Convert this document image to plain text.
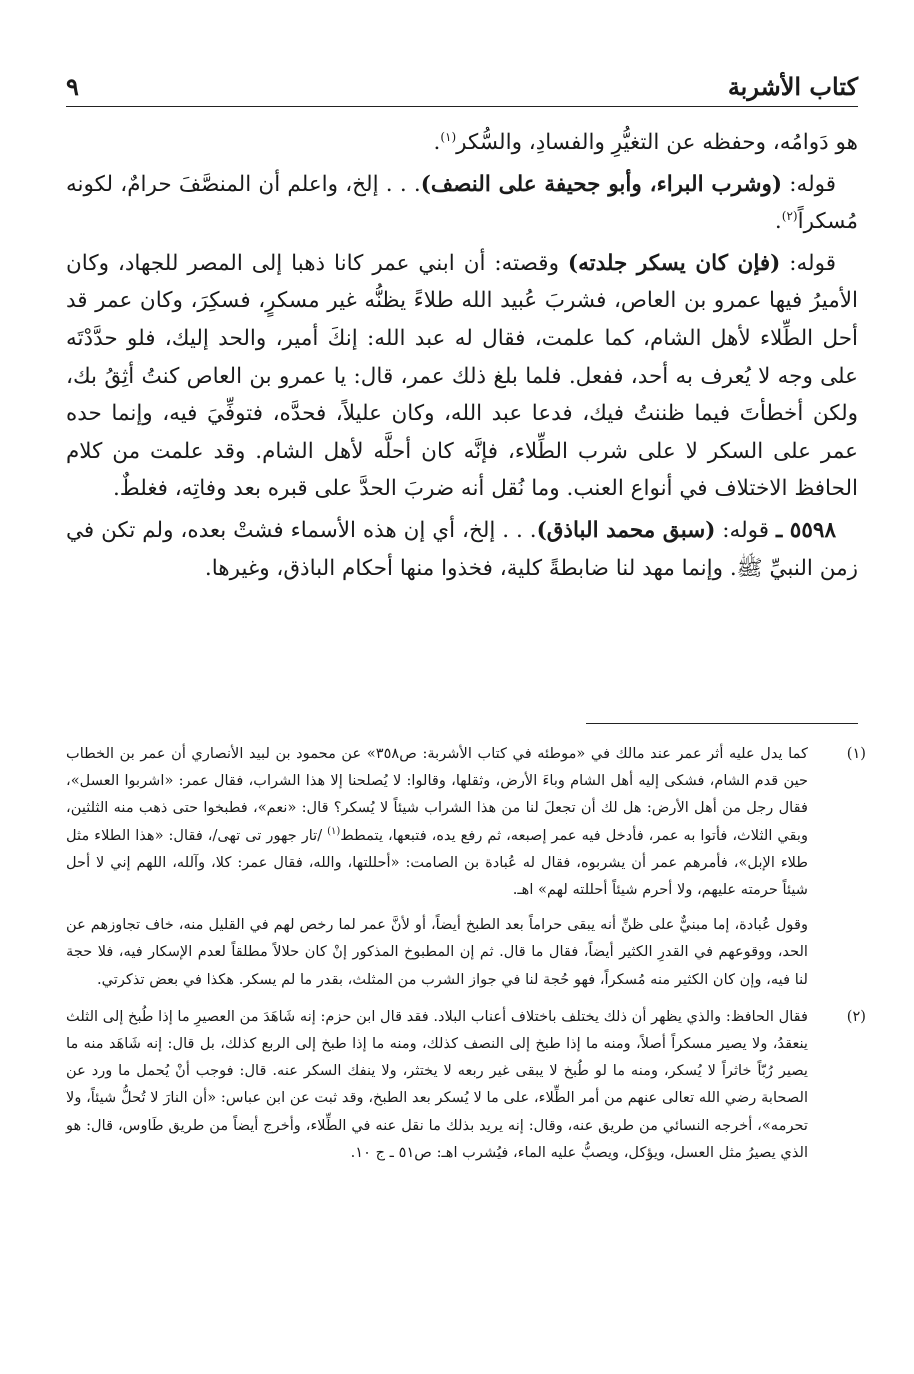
كتاب الأشربة
٩

هو دَوامُه، وحفظه عن التغيُّرِ والفسادِ، والسُّكر$^{(١)}$.

قوله: (وشرب البراء، وأبو جحيفة على النصف). . . إلخ، واعلم أن المنصَّفَ حرامٌ، لكونه مُسكراً$^{(٢)}$.

قوله: (فإن كان يسكر جلدته) وقصته: أن ابني عمر كانا ذهبا إلى المصر للجهاد، وكان الأميرُ فيها عمرو بن العاص، فشربَ عُبيد الله طلاءً يظنُّه غير مسكرٍ، فسكِرَ، وكان عمر قد أحل الطِّلاء لأهل الشام، كما علمت، فقال له عبد الله: إنكَ أمير، والحد إليك، فلو حدَّدْتَه على وجه لا يُعرف به أحد، ففعل. فلما بلغ ذلك عمر، قال: يا عمرو بن العاص كنتُ أثِقُ بك، ولكن أخطأتَ فيما ظننتُ فيك، فدعا عبد الله، وكان عليلاً، فحدَّه، فتوفِّيَ فيه، وإنما حده عمر على السكر لا على شرب الطِّلاء، فإنَّه كان أحلَّه لأهل الشام. وقد علمت من كلام الحافظ الاختلاف في أنواع العنب. وما نُقل أنه ضربَ الحدَّ على قبره بعد وفاتِه، فغلطٌ.

٥٥٩٨ ـ قوله: (سبق محمد الباذق). . . إلخ، أي إن هذه الأسماء فشتْ بعده، ولم تكن في زمن النبيِّ ﷺ. وإنما مهد لنا ضابطةً كلية، فخذوا منها أحكام الباذق، وغيرها.

(١)

كما يدل عليه أثر عمر عند مالك في «موطئه في كتاب الأشربة: ص٣٥٨» عن محمود بن لبيد الأنصاري أن عمر بن الخطاب حين قدم الشام، فشكى إليه أهل الشام وباءَ الأرض، وثقلها، وقالوا: لا يُصلحنا إلا هذا الشراب، فقال عمر: «اشربوا العسل»، فقال رجل من أهل الأرض: هل لك أن تجعلَ لنا من هذا الشراب شيئاً لا يُسكر؟ قال: «نعم»، فطبخوا حتى ذهب منه الثلثين، وبقي الثلاث، فأتوا به عمر، فأدخل فيه عمر إصبعه، ثم رفع يده، فتبعها، يتمطط$^{(١)}$ /تار جهور تى تهى/، فقال: «هذا الطلاء مثل طلاء الإبل»، فأمرهم عمر أن يشربوه، فقال له عُبادة بن الصامت: «أحللتها، والله، فقال عمر: كلا، وآلله، اللهم إني لا أحل شيئاً حرمته عليهم، ولا أحرم شيئاً أحللته لهم» اهـ.

وقول عُبادة، إما مبنيٌّ على ظنِّ أنه يبقى حراماً بعد الطبخ أيضاً، أو لأنَّ عمر لما رخص لهم في القليل منه، خاف تجاوزهم عن الحد، ووقوعهم في القدرِ الكثير أيضاً، فقال ما قال. ثم إن المطبوخ المذكور إنْ كان حلالاً مطلقاً لعدم الإسكار فيه، فلا حجة لنا فيه، وإن كان الكثير منه مُسكراً، فهو حُجة لنا في جواز الشرب من المثلث، بقدر ما لم يسكر. هكذا في بعض تذكرتي.

(٢)

فقال الحافظ: والذي يظهر أن ذلك يختلف باختلاف أعناب البلاد. فقد قال ابن حزم: إنه شَاهَدَ من العصيرِ ما إذا طُبخ إلى الثلث ينعقدُ، ولا يصير مسكراً أصلاً، ومنه ما إذا طبخ إلى النصف كذلك، ومنه ما إذا طبخ إلى الربع كذلك، بل قال: إنه شَاهَد منه ما يصير رُبّاً خاثراً لا يُسكر، ومنه ما لو طُبخ لا يبقى غير ربعه لا يختثر، ولا ينفك السكر عنه. قال: فوجب أنْ يُحمل ما ورد عن الصحابة رضي الله تعالى عنهم من أمر الطِّلاء، على ما لا يُسكر بعد الطبخ، وقد ثبت عن ابن عباس: «أن النارَ لا تُحلُّ شيئاً، ولا تحرمه»، أخرجه النسائي من طريق عنه، وقال: إنه يريد بذلك ما نقل عنه في الطِّلاء، وأخرج أيضاً من طريق طَاوس، قال: هو الذي يصيرُ مثل العسل، ويؤكل، ويصبُّ عليه الماء، فيُشرب اهـ: ص٥١ ـ ج ١٠.
